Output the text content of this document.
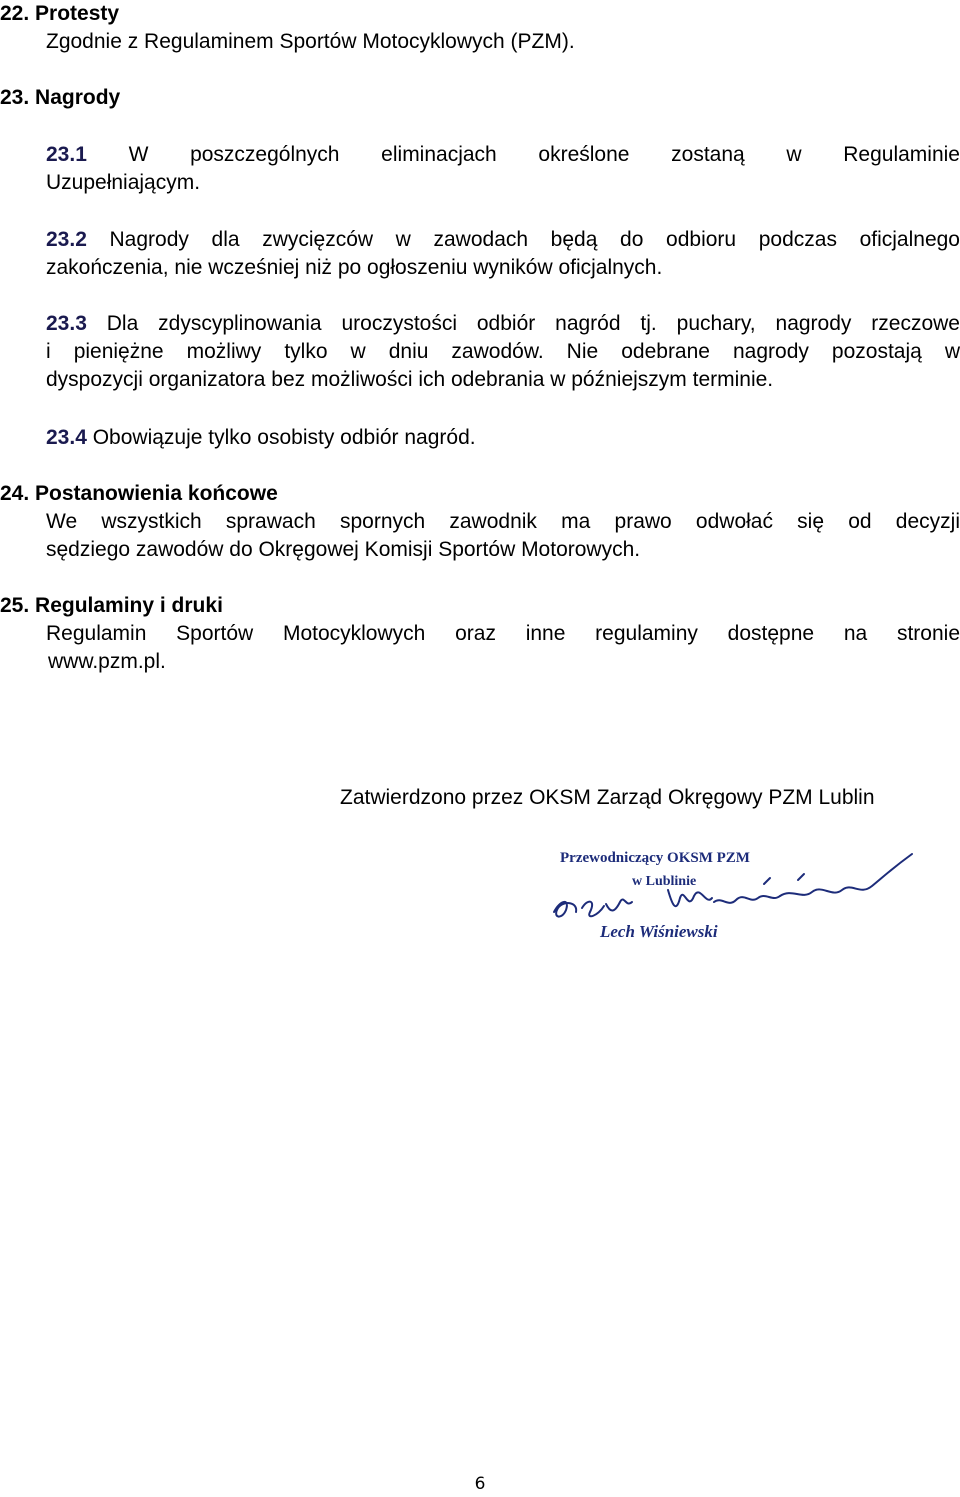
22. Protesty
Zgodnie z Regulaminem Sportów Motocyklowych (PZM).
23. Nagrody
23.1 W poszczególnych eliminacjach określone zostaną w Regulaminie
Uzupełniającym.
23.2 Nagrody dla zwycięzców w zawodach będą do odbioru podczas oficjalnego
zakończenia, nie wcześniej niż po ogłoszeniu wyników oficjalnych.
23.3 Dla zdyscyplinowania uroczystości odbiór nagród tj. puchary, nagrody rzeczowe
i pieniężne możliwy tylko w dniu zawodów. Nie odebrane nagrody pozostają w
dyspozycji organizatora bez możliwości ich odebrania w późniejszym terminie.
23.4 Obowiązuje tylko osobisty odbiór nagród.
24. Postanowienia końcowe
We wszystkich sprawach spornych zawodnik ma prawo odwołać się od decyzji
sędziego zawodów do Okręgowej Komisji Sportów Motorowych.
25. Regulaminy i druki
Regulamin Sportów Motocyklowych oraz inne regulaminy dostępne na stronie
www.pzm.pl.
Zatwierdzono przez OKSM Zarząd Okręgowy PZM Lublin
Przewodniczący OKSM PZM
w Lublinie
Lech Wiśniewski
6
